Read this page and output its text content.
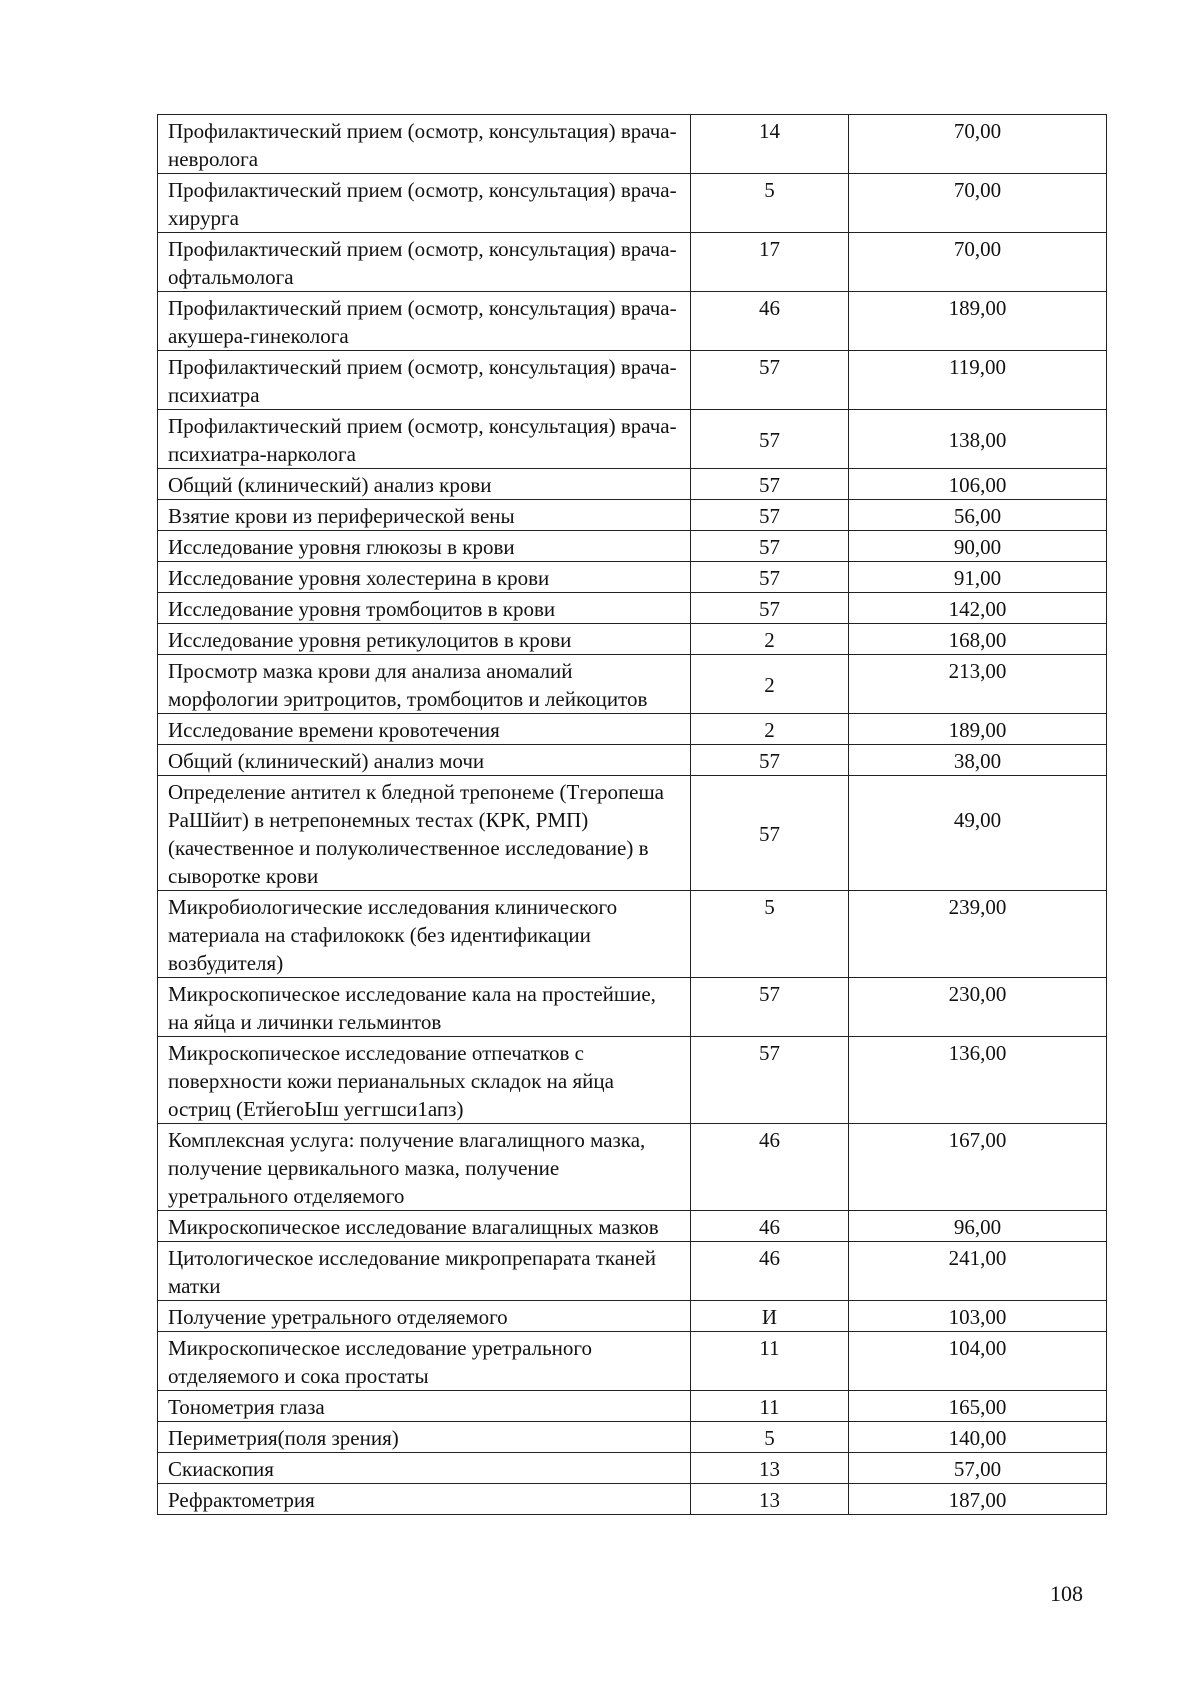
Профилактический прием (осмотр, консультация) врача- невролога	14	70,00
Профилактический прием (осмотр, консультация) врача- хирурга	5	70,00
Профилактический прием (осмотр, консультация) врача- офтальмолога	17	70,00
Профилактический прием (осмотр, консультация) врача- акушера-гинеколога	46	189,00
Профилактический прием (осмотр, консультация) врача- психиатра	57	119,00
Профилактический прием (осмотр, консультация) врача- психиатра-нарколога	57	138,00
Общий (клинический) анализ крови	57	106,00
Взятие крови из периферической вены	57	56,00
Исследование уровня глюкозы в крови	57	90,00
Исследование уровня холестерина в крови	57	91,00
Исследование уровня тромбоцитов в крови	57	142,00
Исследование уровня ретикулоцитов в крови	2	168,00
Просмотр мазка крови для анализа аномалий морфологии эритроцитов, тромбоцитов и лейкоцитов	2	213,00
Исследование времени кровотечения	2	189,00
Общий (клинический) анализ мочи	57	38,00
Определение антител к бледной трепонеме (Тгеропеша РаШйит) в нетрепонемных тестах (КРК, РМП) (качественное и полуколичественное исследование) в сыворотке крови	57	49,00
Микробиологические исследования клинического материала на стафилококк (без идентификации возбудителя)	5	239,00
Микроскопическое исследование кала на простейшие, на яйца и личинки гельминтов	57	230,00
Микроскопическое исследование отпечатков с поверхности кожи перианальных складок на яйца остриц (ЕтйегоЫш уеггшси1апз)	57	136,00
Комплексная услуга: получение влагалищного мазка, получение цервикального мазка, получение уретрального отделяемого	46	167,00
Микроскопическое исследование влагалищных мазков	46	96,00
Цитологическое исследование микропрепарата тканей матки	46	241,00
Получение уретрального отделяемого	И	103,00
Микроскопическое исследование уретрального отделяемого и сока простаты	11	104,00
Тонометрия глаза	11	165,00
Периметрия(поля зрения)	5	140,00
Скиаскопия	13	57,00
Рефрактометрия	13	187,00
108
